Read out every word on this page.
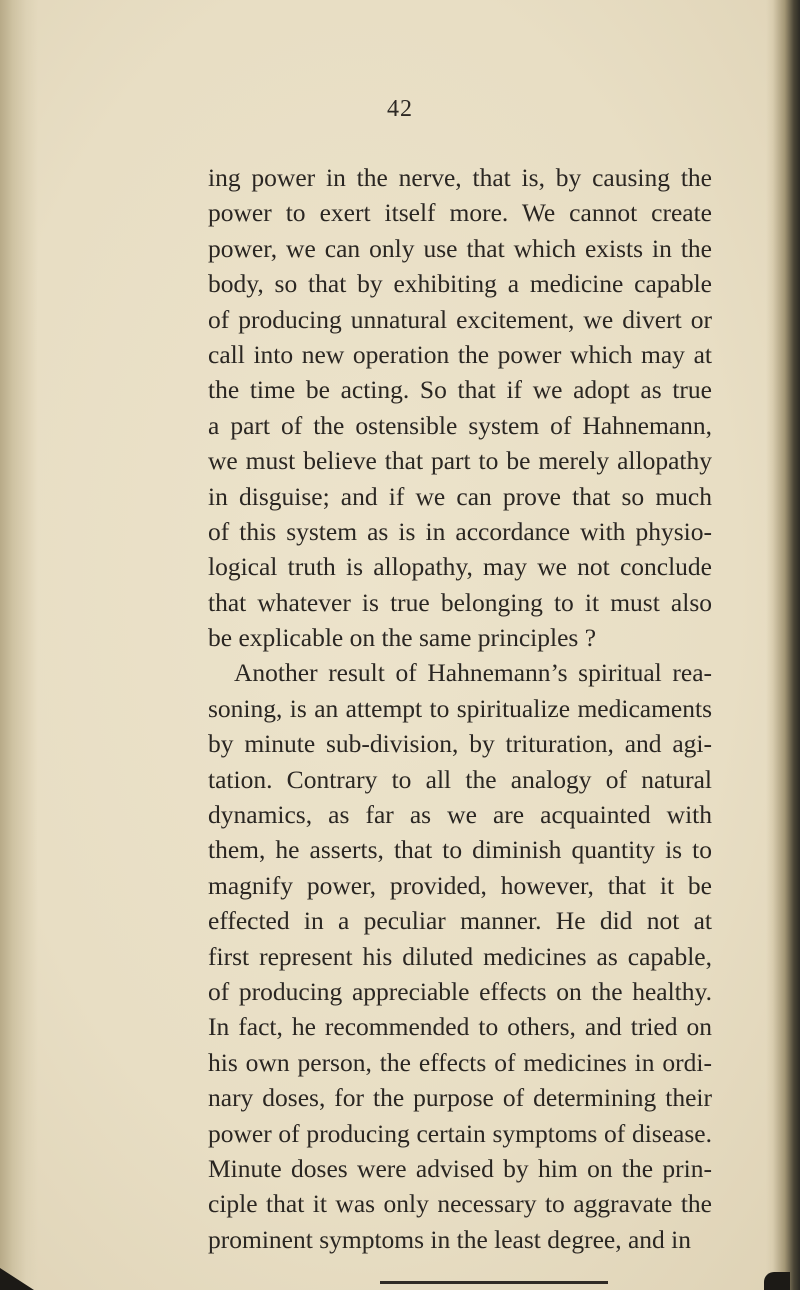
42
ing power in the nerve, that is, by causing the
power to exert itself more. We cannot create
power, we can only use that which exists in the
body, so that by exhibiting a medicine capable
of producing unnatural excitement, we divert or
call into new operation the power which may at
the time be acting. So that if we adopt as true
a part of the ostensible system of Hahnemann,
we must believe that part to be merely allopathy
in disguise; and if we can prove that so much
of this system as is in accordance with physio-
logical truth is allopathy, may we not conclude
that whatever is true belonging to it must also
be explicable on the same principles ?
Another result of Hahnemann’s spiritual rea-
soning, is an attempt to spiritualize medicaments
by minute sub-division, by trituration, and agi-
tation. Contrary to all the analogy of natural
dynamics, as far as we are acquainted with
them, he asserts, that to diminish quantity is to
magnify power, provided, however, that it be
effected in a peculiar manner. He did not at
first represent his diluted medicines as capable,
of producing appreciable effects on the healthy.
In fact, he recommended to others, and tried on
his own person, the effects of medicines in ordi-
nary doses, for the purpose of determining their
power of producing certain symptoms of disease.
Minute doses were advised by him on the prin-
ciple that it was only necessary to aggravate the
prominent symptoms in the least degree, and in
